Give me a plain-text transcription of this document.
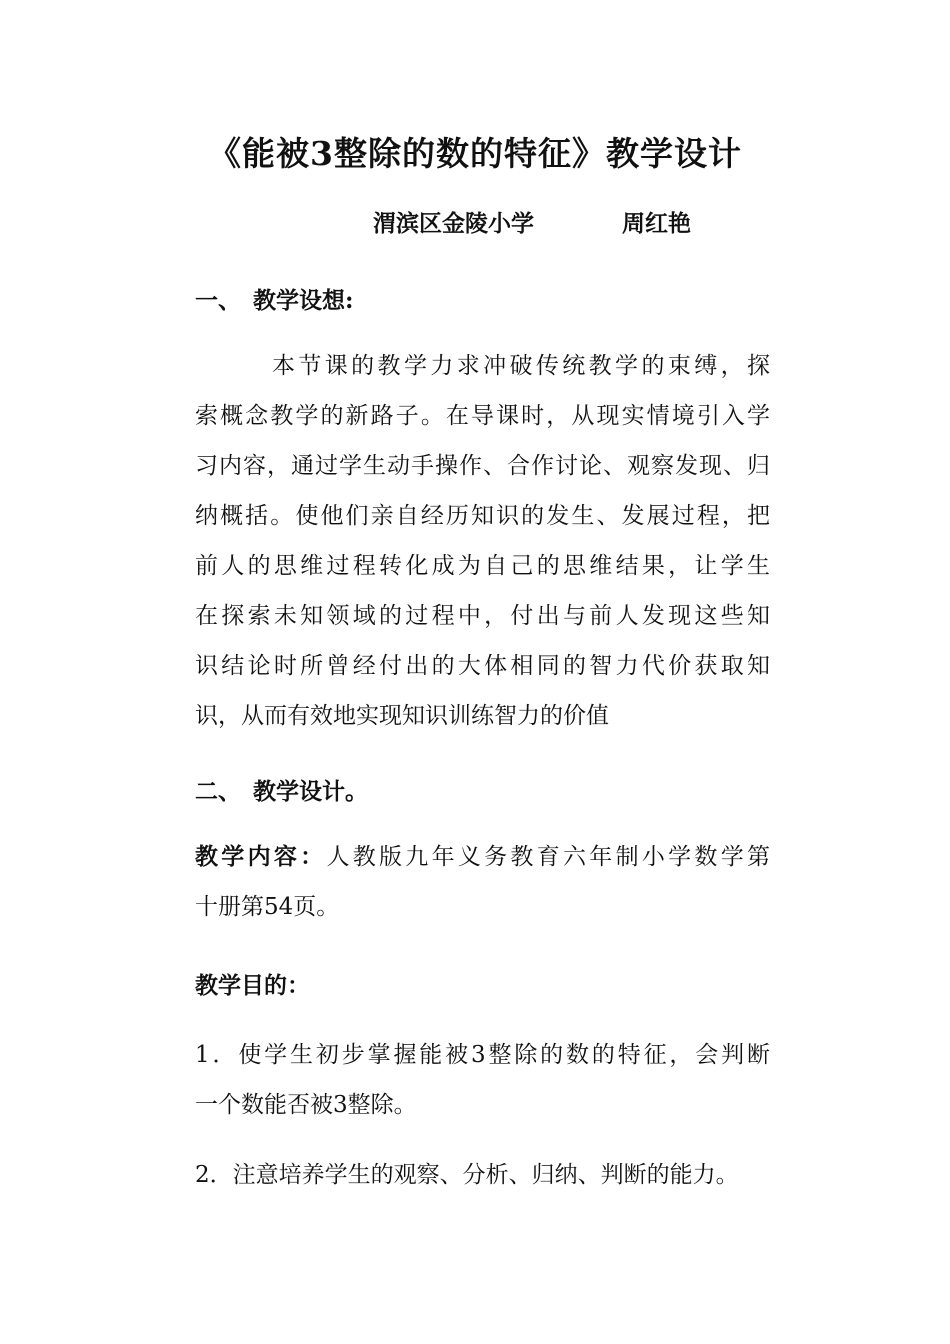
《能被3整除的数的特征》教学设计
渭滨区金陵小学	周红艳
一、 教学设想:
本节课的教学力求冲破传统教学的束缚，探
索概念教学的新路子。在导课时，从现实情境引入学
习内容，通过学生动手操作、合作讨论、观察发现、归
纳概括。使他们亲自经历知识的发生、发展过程，把
前人的思维过程转化成为自己的思维结果，让学生
在探索未知领域的过程中，付出与前人发现这些知
识结论时所曾经付出的大体相同的智力代价获取知
识，从而有效地实现知识训练智力的价值
二、 教学设计。
教学内容：人教版九年义务教育六年制小学数学第
十册第54页。
教学目的：
1．使学生初步掌握能被3整除的数的特征，会判断
一个数能否被3整除。
2．注意培养学生的观察、分析、归纳、判断的能力。
